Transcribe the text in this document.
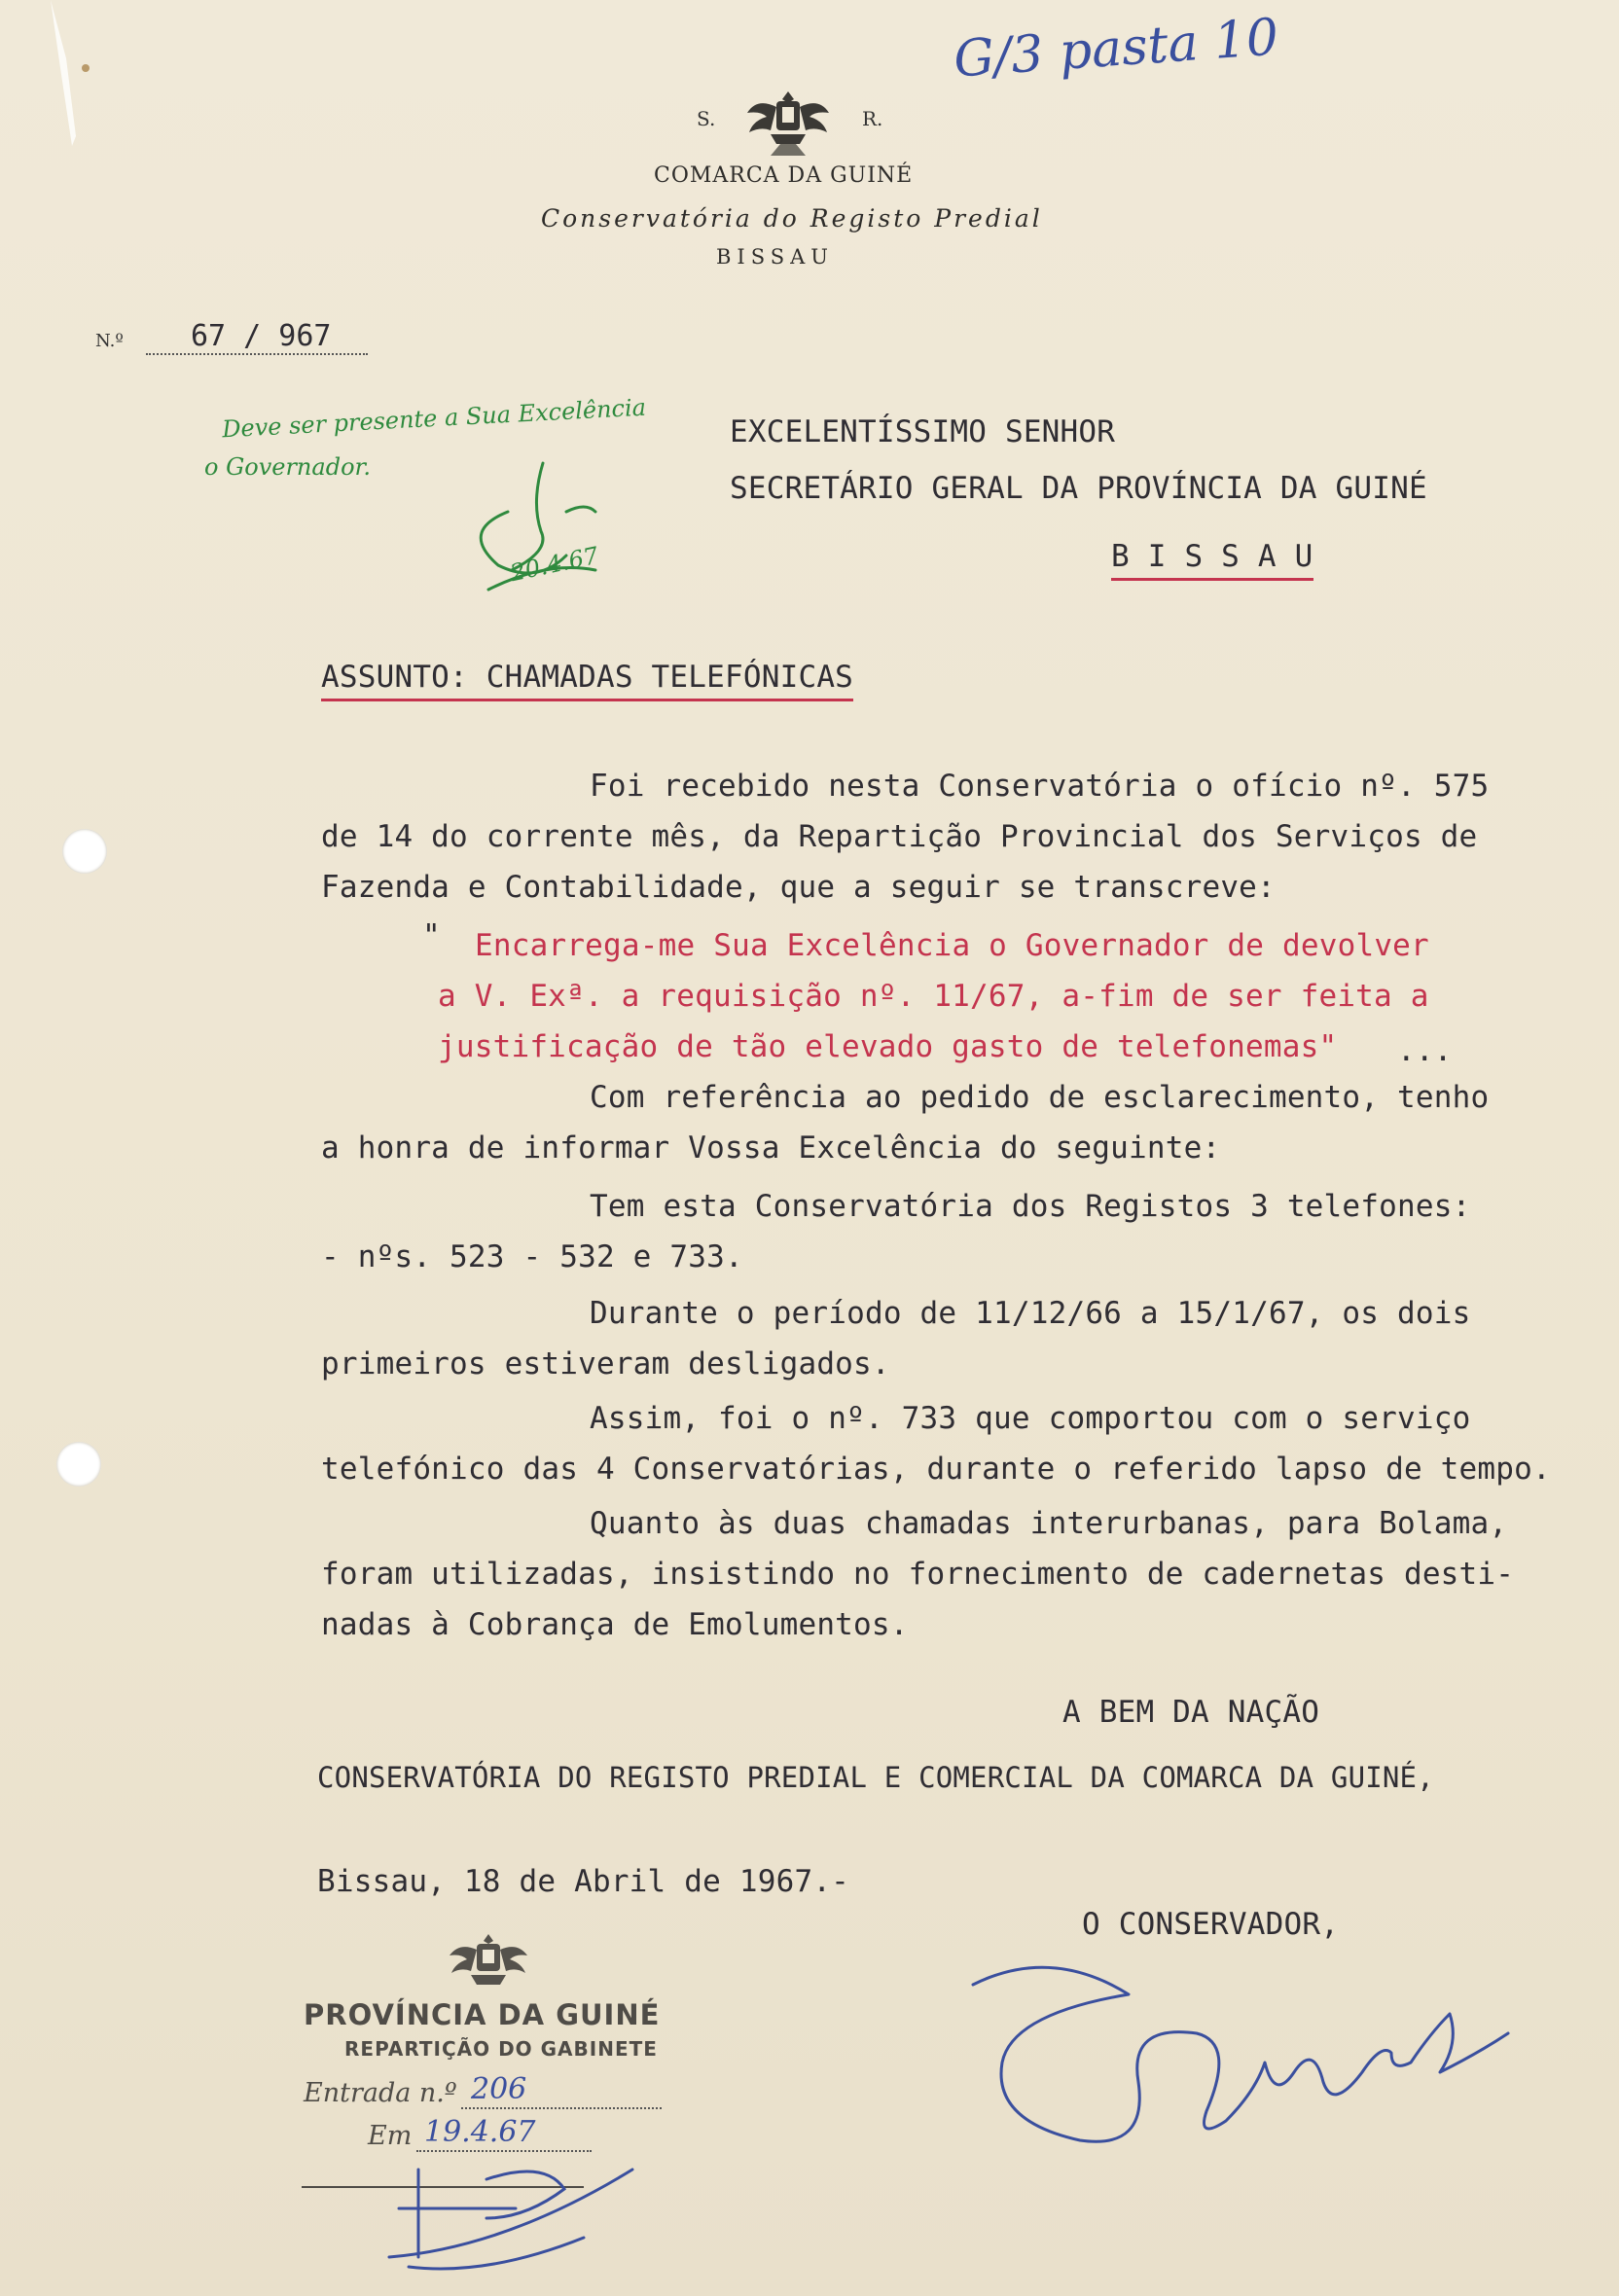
G/3 pasta 10
S.	R.
COMARCA DA GUINÉ
Conservatória do Registo Predial
BISSAU
N.º	67 / 967
Deve ser presente a Sua Excelência
o Governador.
20.4.67
EXCELENTÍSSIMO SENHOR
SECRETÁRIO GERAL DA PROVÍNCIA DA GUINÉ
B I S S A U
ASSUNTO: CHAMADAS TELEFÓNICAS
Foi recebido nesta Conservatória o ofício nº. 575
de 14 do corrente mês, da Repartição Provincial dos Serviços de
Fazenda e Contabilidade, que a seguir se transcreve:
" Encarrega-me Sua Excelência o Governador de devolver
a V. Exª. a requisição nº. 11/67, a-fim de ser feita a
justificação de tão elevado gasto de telefonemas" ...
Com referência ao pedido de esclarecimento, tenho
a honra de informar Vossa Excelência do seguinte:
Tem esta Conservatória dos Registos 3 telefones:
- nºs. 523 - 532 e 733.
Durante o período de 11/12/66 a 15/1/67, os dois
primeiros estiveram desligados.
Assim, foi o nº. 733 que comportou com o serviço
telefónico das 4 Conservatórias, durante o referido lapso de tempo.
Quanto às duas chamadas interurbanas, para Bolama,
foram utilizadas, insistindo no fornecimento de cadernetas desti-
nadas à Cobrança de Emolumentos.
A BEM DA NAÇÃO
CONSERVATÓRIA DO REGISTO PREDIAL E COMERCIAL DA COMARCA DA GUINÉ,
Bissau, 18 de Abril de 1967.-
O CONSERVADOR,
PROVÍNCIA DA GUINÉ
REPARTIÇÃO DO GABINETE
Entrada n.º 206
Em 19.4.67
